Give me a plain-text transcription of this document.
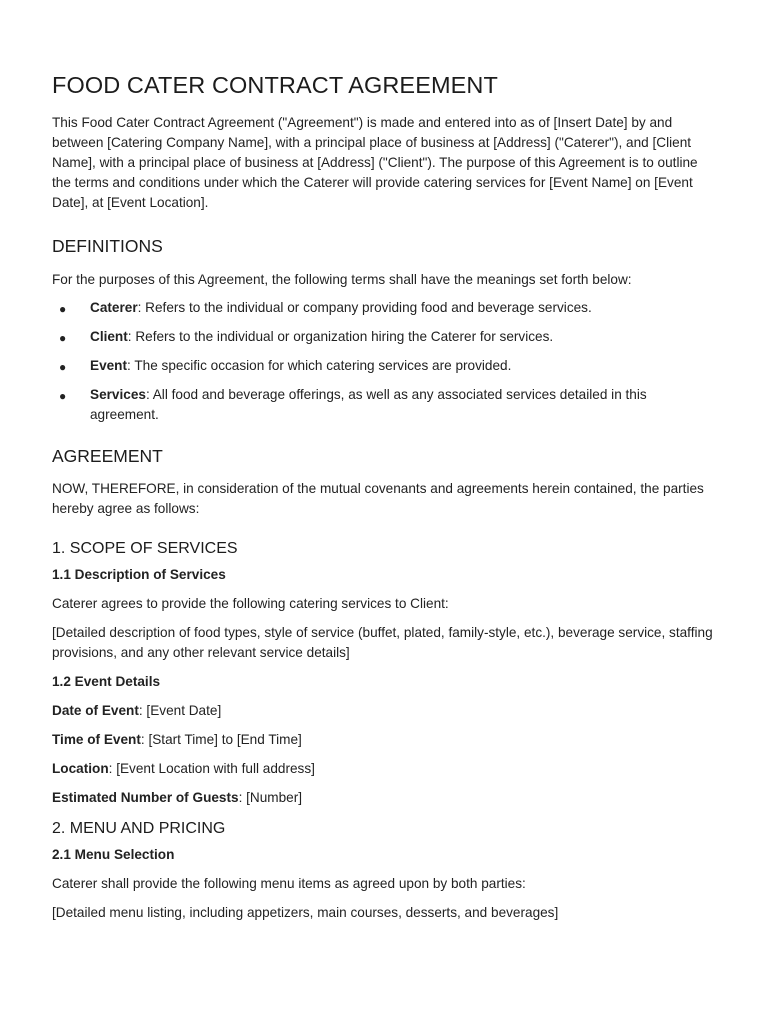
FOOD CATER CONTRACT AGREEMENT

This Food Cater Contract Agreement ("Agreement") is made and entered into as of [Insert Date] by and between [Catering Company Name], with a principal place of business at [Address] ("Caterer"), and [Client Name], with a principal place of business at [Address] ("Client"). The purpose of this Agreement is to outline the terms and conditions under which the Caterer will provide catering services for [Event Name] on [Event Date], at [Event Location].

DEFINITIONS

For the purposes of this Agreement, the following terms shall have the meanings set forth below:

● Caterer: Refers to the individual or company providing food and beverage services.
● Client: Refers to the individual or organization hiring the Caterer for services.
● Event: The specific occasion for which catering services are provided.
● Services: All food and beverage offerings, as well as any associated services detailed in this agreement.
AGREEMENT

NOW, THEREFORE, in consideration of the mutual covenants and agreements herein contained, the parties hereby agree as follows:

1. SCOPE OF SERVICES
1.1 Description of Services

Caterer agrees to provide the following catering services to Client:

[Detailed description of food types, style of service (buffet, plated, family-style, etc.), beverage service, staffing provisions, and any other relevant service details]

1.2 Event Details
Date of Event: [Event Date]
Time of Event: [Start Time] to [End Time]
Location: [Event Location with full address]
Estimated Number of Guests: [Number]
2. MENU AND PRICING
2.1 Menu Selection

Caterer shall provide the following menu items as agreed upon by both parties:

[Detailed menu listing, including appetizers, main courses, desserts, and beverages]
